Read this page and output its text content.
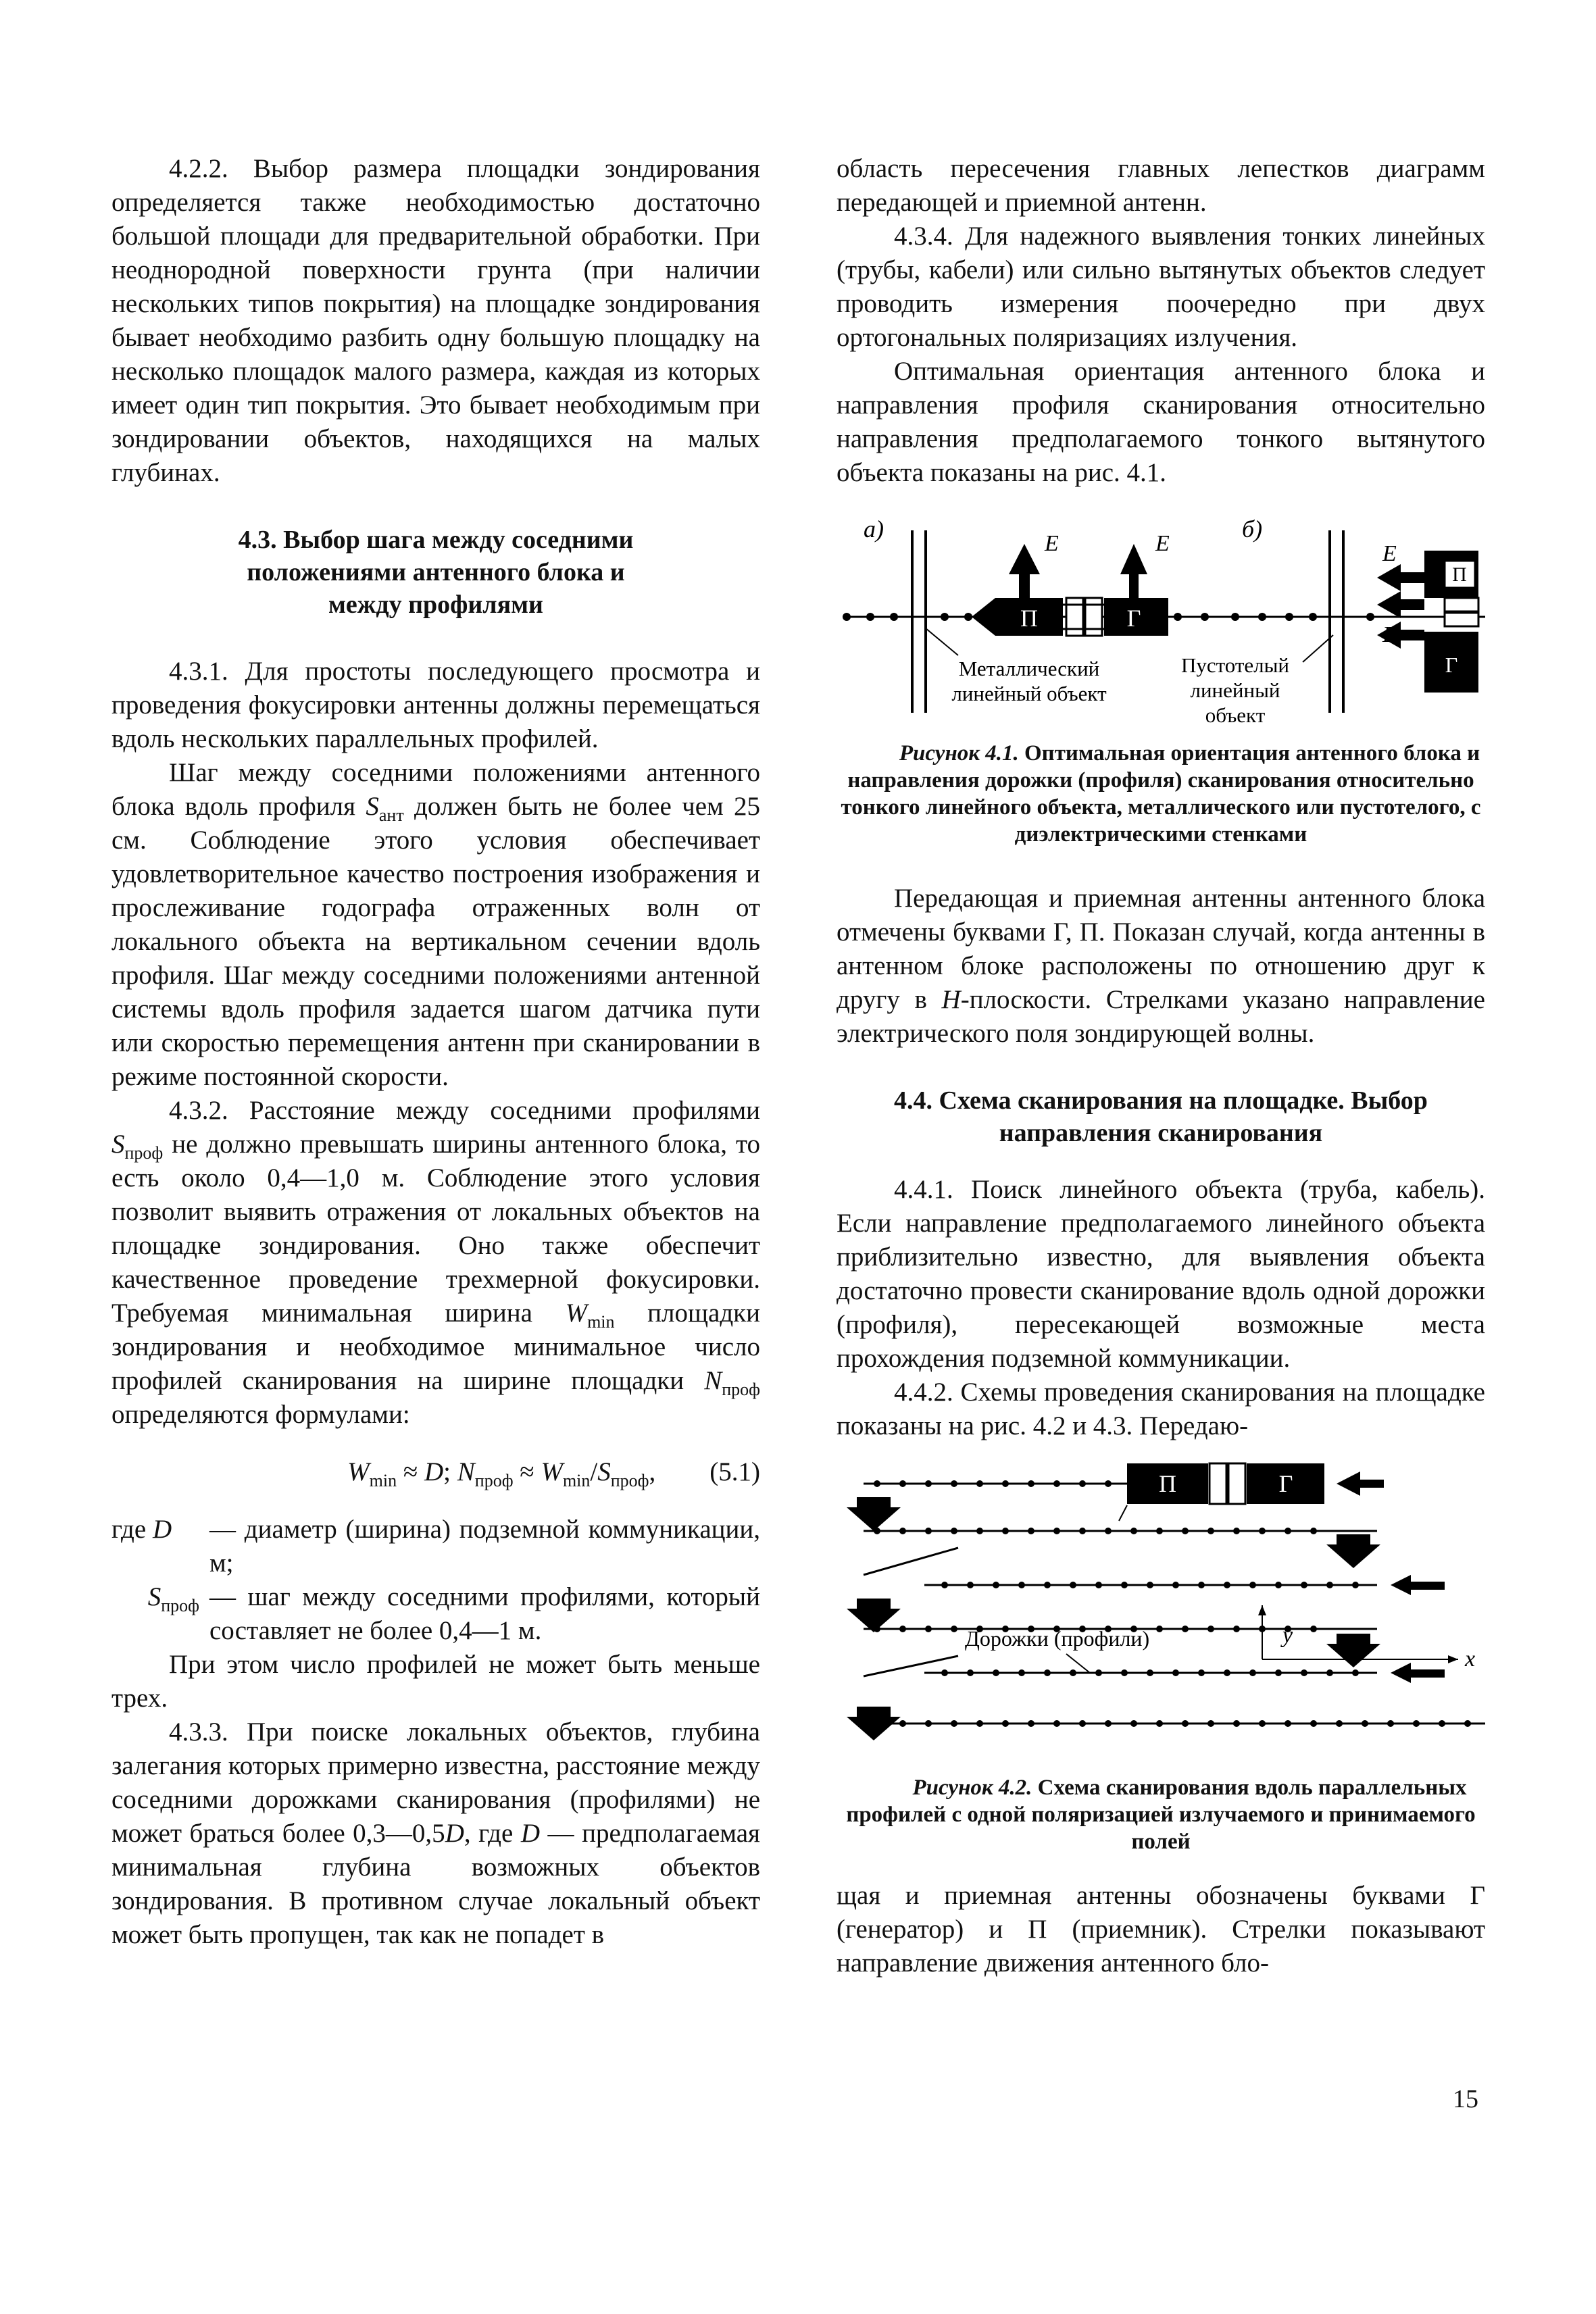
4.2.2. Выбор размера площадки зондирования определяется также необходимостью достаточно большой площади для предварительной обработки. При неоднородной поверхности грунта (при наличии нескольких типов покрытия) на площадке зондирования бывает необходимо разбить одну большую площадку на несколько площадок малого размера, каждая из которых имеет один тип покрытия. Это бывает необходимым при зондировании объектов, находящихся на малых глубинах.

4.3. Выбор шага между соседними положениями антенного блока и между профилями

4.3.1. Для простоты последующего просмотра и проведения фокусировки антенны должны перемещаться вдоль нескольких параллельных профилей.

Шаг между соседними положениями антенного блока вдоль профиля $S_{ант}$ должен быть не более чем 25 см. Соблюдение этого условия обеспечивает удовлетворительное качество построения изображения и прослеживание годографа отраженных волн от локального объекта на вертикальном сечении вдоль профиля. Шаг между соседними положениями антенной системы вдоль профиля задается шагом датчика пути или скоростью перемещения антенн при сканировании в режиме постоянной скорости.

4.3.2. Расстояние между соседними профилями $S_{проф}$ не должно превышать ширины антенного блока, то есть около 0,4—1,0 м. Соблюдение этого условия позволит выявить отражения от локальных объектов на площадке зондирования. Оно также обеспечит качественное проведение трехмерной фокусировки. Требуемая минимальная ширина $W_{min}$ площадки зондирования и необходимое минимальное число профилей сканирования на ширине площадки $N_{проф}$ определяются формулами:

$W_{min} \approx D$; $N_{проф} \approx W_{min}/S_{проф}$, (5.1)

где D	— диаметр (ширина) подземной коммуникации, м;
$S_{проф}$ — шаг между соседними профилями, который составляет не более 0,4—1 м.

При этом число профилей не может быть меньше трех.

4.3.3. При поиске локальных объектов, глубина залегания которых примерно известна, расстояние между соседними дорожками сканирования (профилями) не может браться более 0,3—0,5D, где D — предполагаемая минимальная глубина возможных объектов зондирования. В противном случае локальный объект может быть пропущен, так как не попадет в

область пересечения главных лепестков диаграмм передающей и приемной антенн.

4.3.4. Для надежного выявления тонких линейных (трубы, кабели) или сильно вытянутых объектов следует проводить измерения поочередно при двух ортогональных поляризациях излучения.

Оптимальная ориентация антенного блока и направления профиля сканирования относительно направления предполагаемого тонкого вытянутого объекта показаны на рис. 4.1.

а)	б)
П	Г
E	E
П
Г
E
E
Металлический
линейный объект
Пустотелый
линейный
объект

Рисунок 4.1. Оптимальная ориентация антенного блока и направления дорожки (профиля) сканирования относительно тонкого линейного объекта, металлического или пустотелого, с диэлектрическими стенками

Передающая и приемная антенны антенного блока отмечены буквами Г, П. Показан случай, когда антенны в антенном блоке расположены по отношению друг к другу в Н-плоскости. Стрелками указано направление электрического поля зондирующей волны.

4.4. Схема сканирования на площадке. Выбор направления сканирования

4.4.1. Поиск линейного объекта (труба, кабель). Если направление предполагаемого линейного объекта приблизительно известно, для выявления объекта достаточно провести сканирование вдоль одной дорожки (профиля), пересекающей возможные места прохождения подземной коммуникации.

4.4.2. Схемы проведения сканирования на площадке показаны на рис. 4.2 и 4.3. Передаю-

П	Г
y
x
Дорожки (профили)

Рисунок 4.2. Схема сканирования вдоль параллельных профилей с одной поляризацией излучаемого и принимаемого полей

щая и приемная антенны обозначены буквами Г (генератор) и П (приемник). Стрелки показывают направление движения антенного бло-

15
